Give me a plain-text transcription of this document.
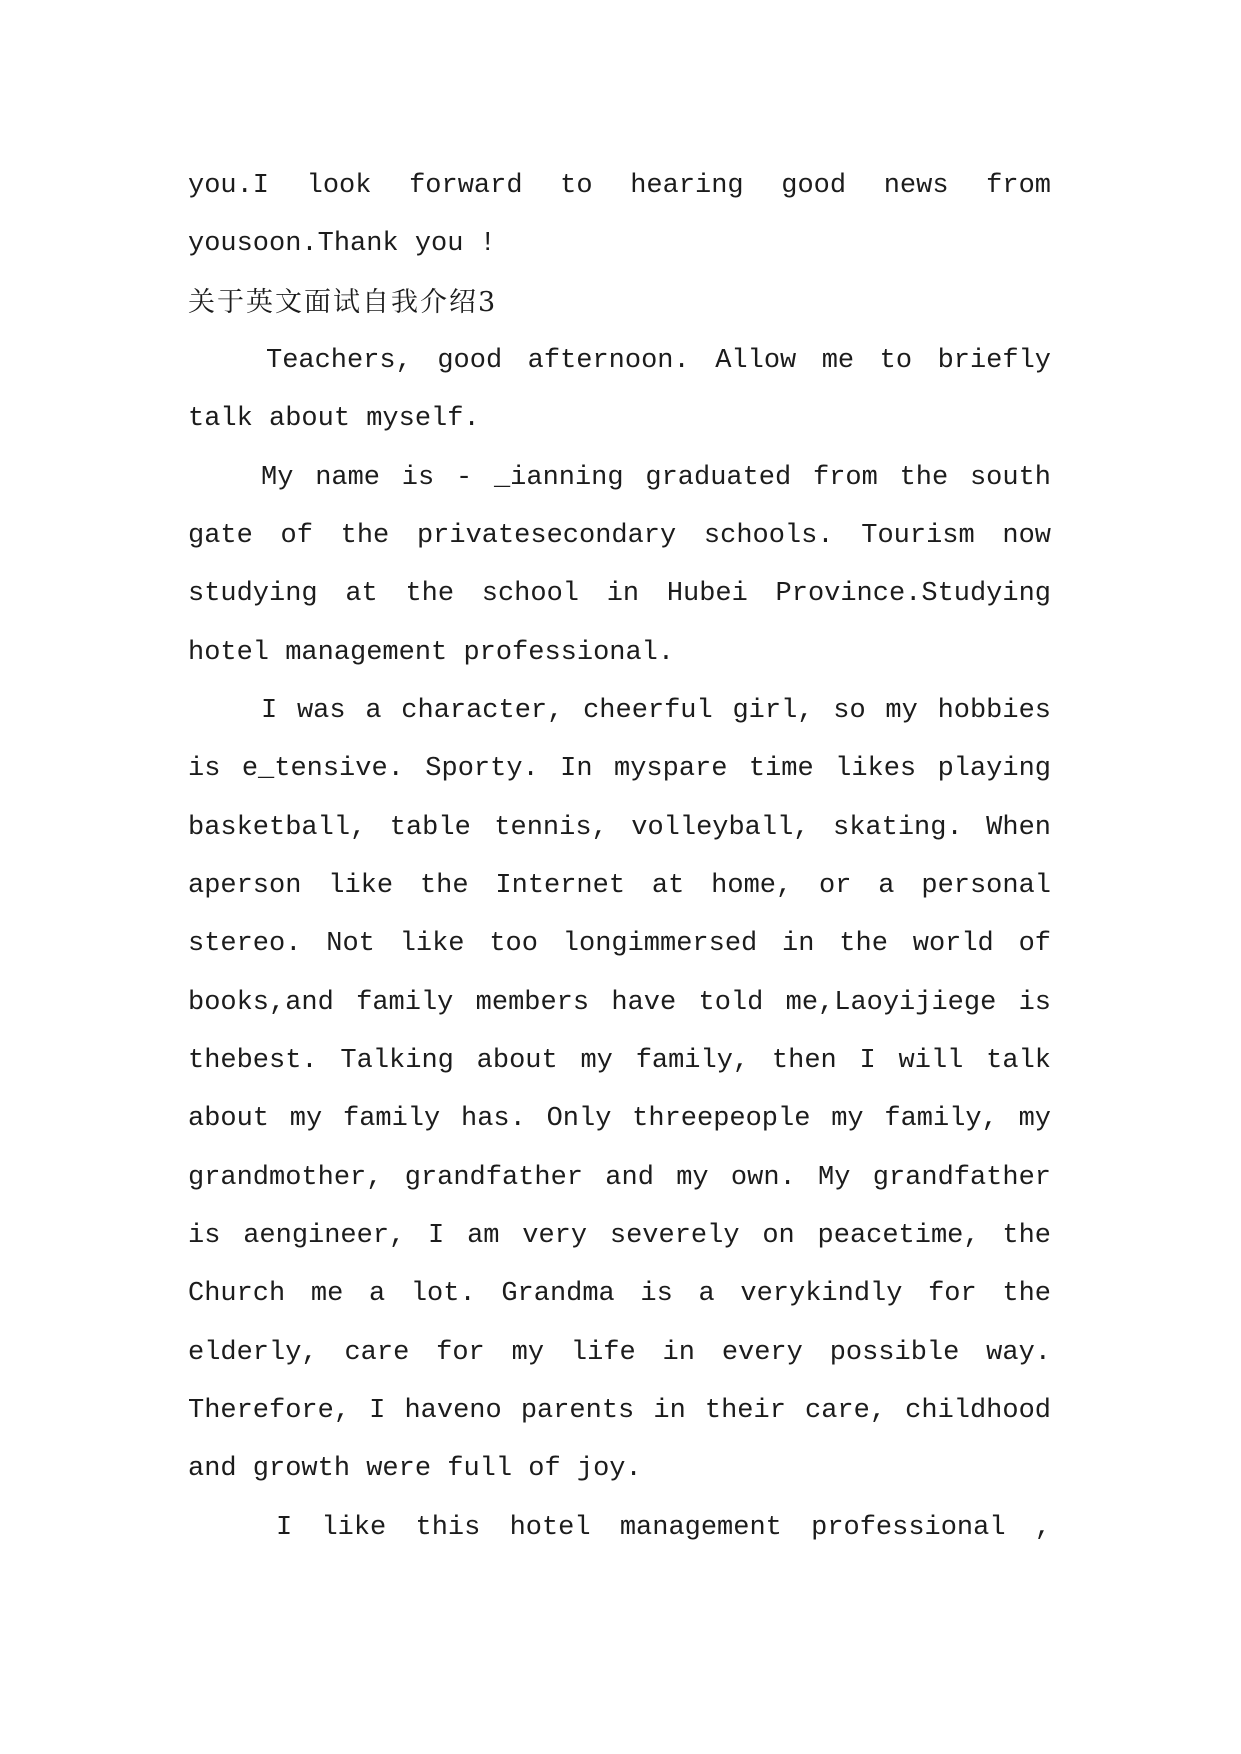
you.I look forward to hearing good news from
yousoon.Thank you !
关于英文面试自我介绍3
Teachers, good afternoon. Allow me to briefly
talk about myself.
My name is - _ianning graduated from the south
gate of the privatesecondary schools. Tourism now
studying at the school in Hubei Province.Studying
hotel management professional.
I was a character, cheerful girl, so my hobbies
is e_tensive. Sporty. In myspare time likes playing
basketball, table tennis, volleyball, skating. When
aperson like the Internet at home, or a personal
stereo. Not like too longimmersed in the world of
books,and family members have told me,Laoyijiege is
thebest. Talking about my family, then I will talk
about my family has. Only threepeople my family, my
grandmother, grandfather and my own. My grandfather
is aengineer, I am very severely on peacetime, the
Church me a lot. Grandma is a verykindly for the
elderly, care for my life in every possible way.
Therefore, I haveno parents in their care, childhood
and growth were full of joy.
I like this hotel management professional ,
